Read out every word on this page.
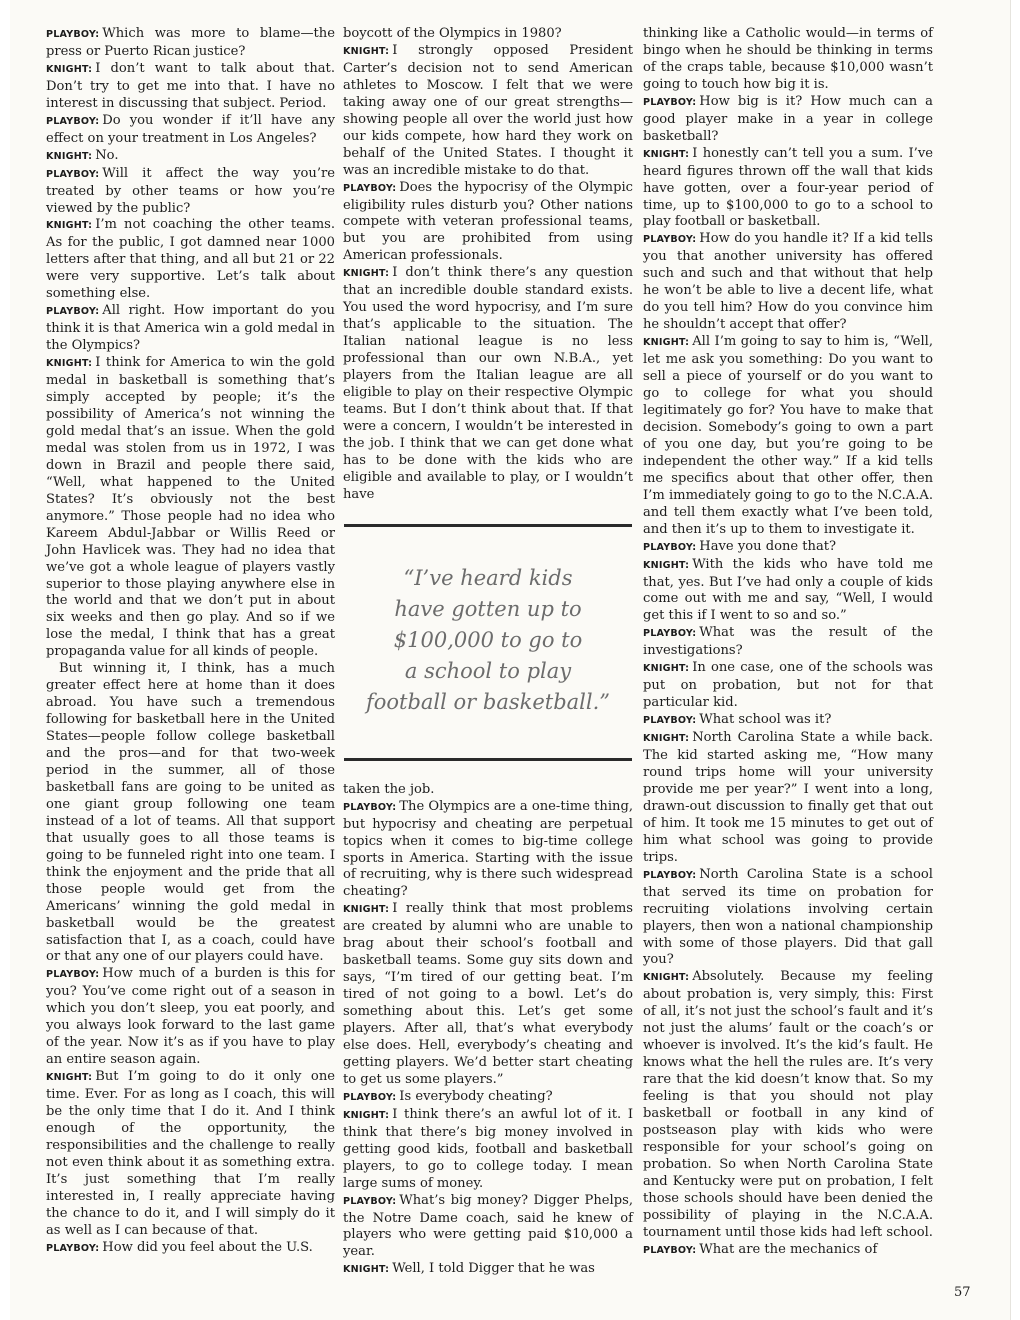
PLAYBOY: Which was more to blame—the press or Puerto Rican justice?

KNIGHT: I don’t want to talk about that. Don’t try to get me into that. I have no interest in discussing that subject. Period.

PLAYBOY: Do you wonder if it’ll have any effect on your treatment in Los Angeles?

KNIGHT: No.

PLAYBOY: Will it affect the way you’re treated by other teams or how you’re viewed by the public?

KNIGHT: I’m not coaching the other teams. As for the public, I got damned near 1000 letters after that thing, and all but 21 or 22 were very supportive. Let’s talk about something else.

PLAYBOY: All right. How important do you think it is that America win a gold medal in the Olympics?

KNIGHT: I think for America to win the gold medal in basketball is something that’s simply accepted by people; it’s the possibility of America’s not winning the gold medal that’s an issue. When the gold medal was stolen from us in 1972, I was down in Brazil and people there said, “Well, what happened to the United States? It’s obviously not the best anymore.” Those people had no idea who Kareem Abdul-Jabbar or Willis Reed or John Havlicek was. They had no idea that we’ve got a whole league of players vastly superior to those playing anywhere else in the world and that we don’t put in about six weeks and then go play. And so if we lose the medal, I think that has a great propaganda value for all kinds of people.

But winning it, I think, has a much greater effect here at home than it does abroad. You have such a tremendous following for basketball here in the United States—people follow college basketball and the pros—and for that two-week period in the summer, all of those basketball fans are going to be united as one giant group following one team instead of a lot of teams. All that support that usually goes to all those teams is going to be funneled right into one team. I think the enjoyment and the pride that all those people would get from the Americans’ winning the gold medal in basketball would be the greatest satisfaction that I, as a coach, could have or that any one of our players could have.

PLAYBOY: How much of a burden is this for you? You’ve come right out of a season in which you don’t sleep, you eat poorly, and you always look forward to the last game of the year. Now it’s as if you have to play an entire season again.

KNIGHT: But I’m going to do it only one time. Ever. For as long as I coach, this will be the only time that I do it. And I think enough of the opportunity, the responsibilities and the challenge to really not even think about it as something extra. It’s just something that I’m really interested in, I really appreciate having the chance to do it, and I will simply do it as well as I can because of that.

PLAYBOY: How did you feel about the U.S.

boycott of the Olympics in 1980?

KNIGHT: I strongly opposed President Carter’s decision not to send American athletes to Moscow. I felt that we were taking away one of our great strengths—showing people all over the world just how our kids compete, how hard they work on behalf of the United States. I thought it was an incredible mistake to do that.

PLAYBOY: Does the hypocrisy of the Olympic eligibility rules disturb you? Other nations compete with veteran professional teams, but you are prohibited from using American professionals.

KNIGHT: I don’t think there’s any question that an incredible double standard exists. You used the word hypocrisy, and I’m sure that’s applicable to the situation. The Italian national league is no less professional than our own N.B.A., yet players from the Italian league are all eligible to play on their respective Olympic teams. But I don’t think about that. If that were a concern, I wouldn’t be interested in the job. I think that we can get done what has to be done with the kids who are eligible and available to play, or I wouldn’t have

“I’ve heard kids
have gotten up to
$100,000 to go to
a school to play
football or basketball.”

taken the job.

PLAYBOY: The Olympics are a one-time thing, but hypocrisy and cheating are perpetual topics when it comes to big-time college sports in America. Starting with the issue of recruiting, why is there such widespread cheating?

KNIGHT: I really think that most problems are created by alumni who are unable to brag about their school’s football and basketball teams. Some guy sits down and says, “I’m tired of our getting beat. I’m tired of not going to a bowl. Let’s do something about this. Let’s get some players. After all, that’s what everybody else does. Hell, everybody’s cheating and getting players. We’d better start cheating to get us some players.”

PLAYBOY: Is everybody cheating?

KNIGHT: I think there’s an awful lot of it. I think that there’s big money involved in getting good kids, football and basketball players, to go to college today. I mean large sums of money.

PLAYBOY: What’s big money? Digger Phelps, the Notre Dame coach, said he knew of players who were getting paid $10,000 a year.

KNIGHT: Well, I told Digger that he was

thinking like a Catholic would—in terms of bingo when he should be thinking in terms of the craps table, because $10,000 wasn’t going to touch how big it is.

PLAYBOY: How big is it? How much can a good player make in a year in college basketball?

KNIGHT: I honestly can’t tell you a sum. I’ve heard figures thrown off the wall that kids have gotten, over a four-year period of time, up to $100,000 to go to a school to play football or basketball.

PLAYBOY: How do you handle it? If a kid tells you that another university has offered such and such and that without that help he won’t be able to live a decent life, what do you tell him? How do you convince him he shouldn’t accept that offer?

KNIGHT: All I’m going to say to him is, “Well, let me ask you something: Do you want to sell a piece of yourself or do you want to go to college for what you should legitimately go for? You have to make that decision. Somebody’s going to own a part of you one day, but you’re going to be independent the other way.” If a kid tells me specifics about that other offer, then I’m immediately going to go to the N.C.A.A. and tell them exactly what I’ve been told, and then it’s up to them to investigate it.

PLAYBOY: Have you done that?

KNIGHT: With the kids who have told me that, yes. But I’ve had only a couple of kids come out with me and say, “Well, I would get this if I went to so and so.”

PLAYBOY: What was the result of the investigations?

KNIGHT: In one case, one of the schools was put on probation, but not for that particular kid.

PLAYBOY: What school was it?

KNIGHT: North Carolina State a while back. The kid started asking me, “How many round trips home will your university provide me per year?” I went into a long, drawn-out discussion to finally get that out of him. It took me 15 minutes to get out of him what school was going to provide trips.

PLAYBOY: North Carolina State is a school that served its time on probation for recruiting violations involving certain players, then won a national championship with some of those players. Did that gall you?

KNIGHT: Absolutely. Because my feeling about probation is, very simply, this: First of all, it’s not just the school’s fault and it’s not just the alums’ fault or the coach’s or whoever is involved. It’s the kid’s fault. He knows what the hell the rules are. It’s very rare that the kid doesn’t know that. So my feeling is that you should not play basketball or football in any kind of postseason play with kids who were responsible for your school’s going on probation. So when North Carolina State and Kentucky were put on probation, I felt those schools should have been denied the possibility of playing in the N.C.A.A. tournament until those kids had left school.

PLAYBOY: What are the mechanics of

57
